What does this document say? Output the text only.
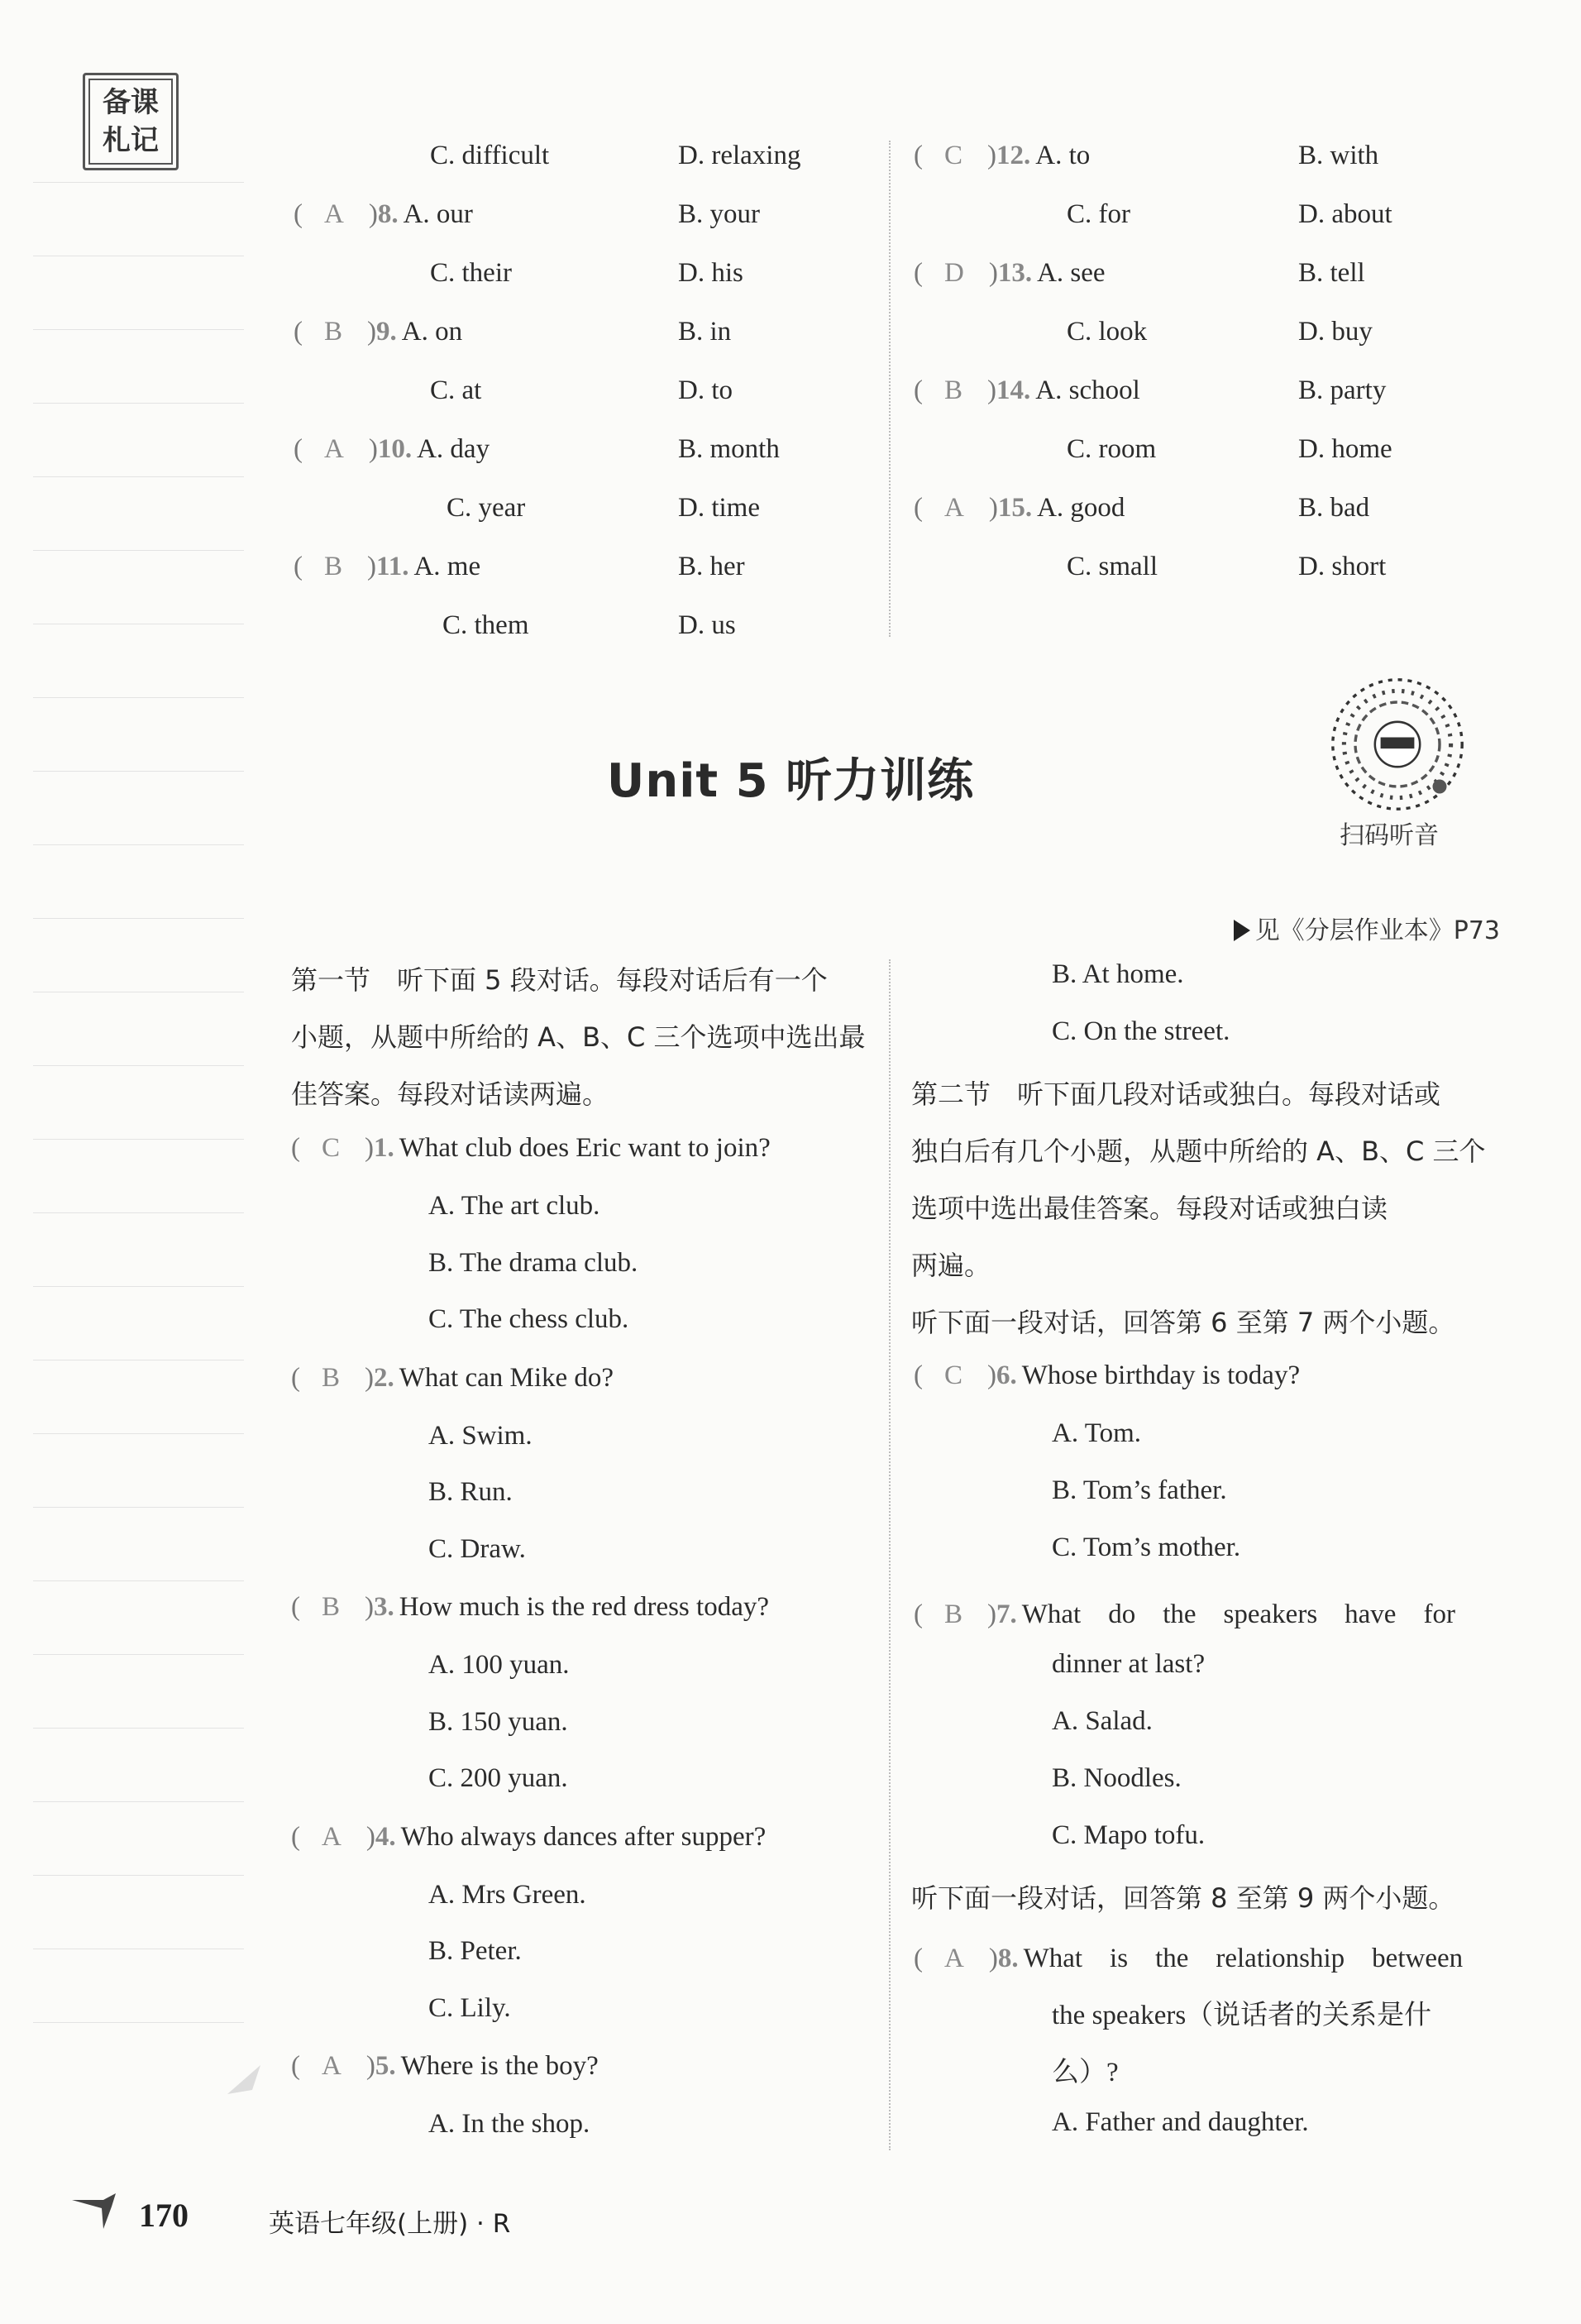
备课
札记
Unit 5 听力训练
扫码听音
见《分层作业本》P73
170	英语七年级(上册) · R
C. difficult	D. relaxing
( A )8. A. our	B. your
C. their	D. his
( B )9. A. on	B. in
C. at	D. to
( A )10. A. day	B. month
C. year	D. time
( B )11. A. me	B. her
C. them	D. us
( C )12. A. to	B. with
C. for	D. about
( D )13. A. see	B. tell
C. look	D. buy
( B )14. A. school	B. party
C. room	D. home
( A )15. A. good	B. bad
C. small	D. short
第一节　听下面 5 段对话。每段对话后有一个
小题，从题中所给的 A、B、C 三个选项中选出最
佳答案。每段对话读两遍。
( C )1. What club does Eric want to join?
A. The art club.
B. The drama club.
C. The chess club.
( B )2. What can Mike do?
A. Swim.
B. Run.
C. Draw.
( B )3. How much is the red dress today?
A. 100 yuan.
B. 150 yuan.
C. 200 yuan.
( A )4. Who always dances after supper?
A. Mrs Green.
B. Peter.
C. Lily.
( A )5. Where is the boy?
A. In the shop.
B. At home.
C. On the street.
第二节　听下面几段对话或独白。每段对话或
独白后有几个小题，从题中所给的 A、B、C 三个
选项中选出最佳答案。每段对话或独白读
两遍。
听下面一段对话，回答第 6 至第 7 两个小题。
( C )6. Whose birthday is today?
A. Tom.
B. Tom’s father.
C. Tom’s mother.
( B )7. What　do　the　speakers　have　for
dinner at last?
A. Salad.
B. Noodles.
C. Mapo tofu.
听下面一段对话，回答第 8 至第 9 两个小题。
( A )8. What　is　the　relationship　between
the speakers（说话者的关系是什
么）?
A. Father and daughter.
